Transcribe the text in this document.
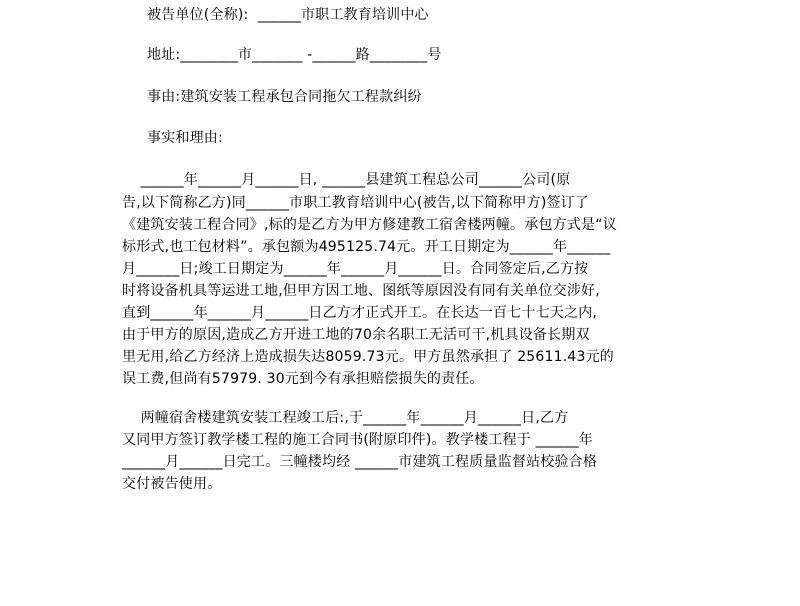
被告单位(全称):  ______市职工教育培训中心

地址:________市_______ -______路________号

事由:建筑安装工程承包合同拖欠工程款纠纷

事实和理由:

______年______月______日, ______县建筑工程总公司______公司(原

告,以下简称乙方)同______市职工教育培训中心(被告,以下简称甲方)签订了

《建筑安装工程合同》,标的是乙方为甲方修建教工宿舍楼两幢。承包方式是“议

标形式,也工包材料”。承包额为495125.74元。开工日期定为______年______

月______日;竣工日期定为______年______月______日。合同签定后,乙方按

时将设备机具等运进工地,但甲方因工地、图纸等原因没有同有关单位交涉好,

直到______年______月______日乙方才正式开工。在长达一百七十七天之内,

由于甲方的原因,造成乙方开进工地的70余名职工无活可干,机具设备长期双

里无用,给乙方经济上造成损失达8059.73元。甲方虽然承担了 25611.43元的

误工费,但尚有57979. 30元到今有承担赔偿损失的责任。

两幢宿舍楼建筑安装工程竣工后:,于______年______月______日,乙方

又同甲方签订教学楼工程的施工合同书(附原印件)。教学楼工程于 ______年

______月______日完工。三幢楼均经 ______市建筑工程质量监督站校验合格

交付被告使用。
